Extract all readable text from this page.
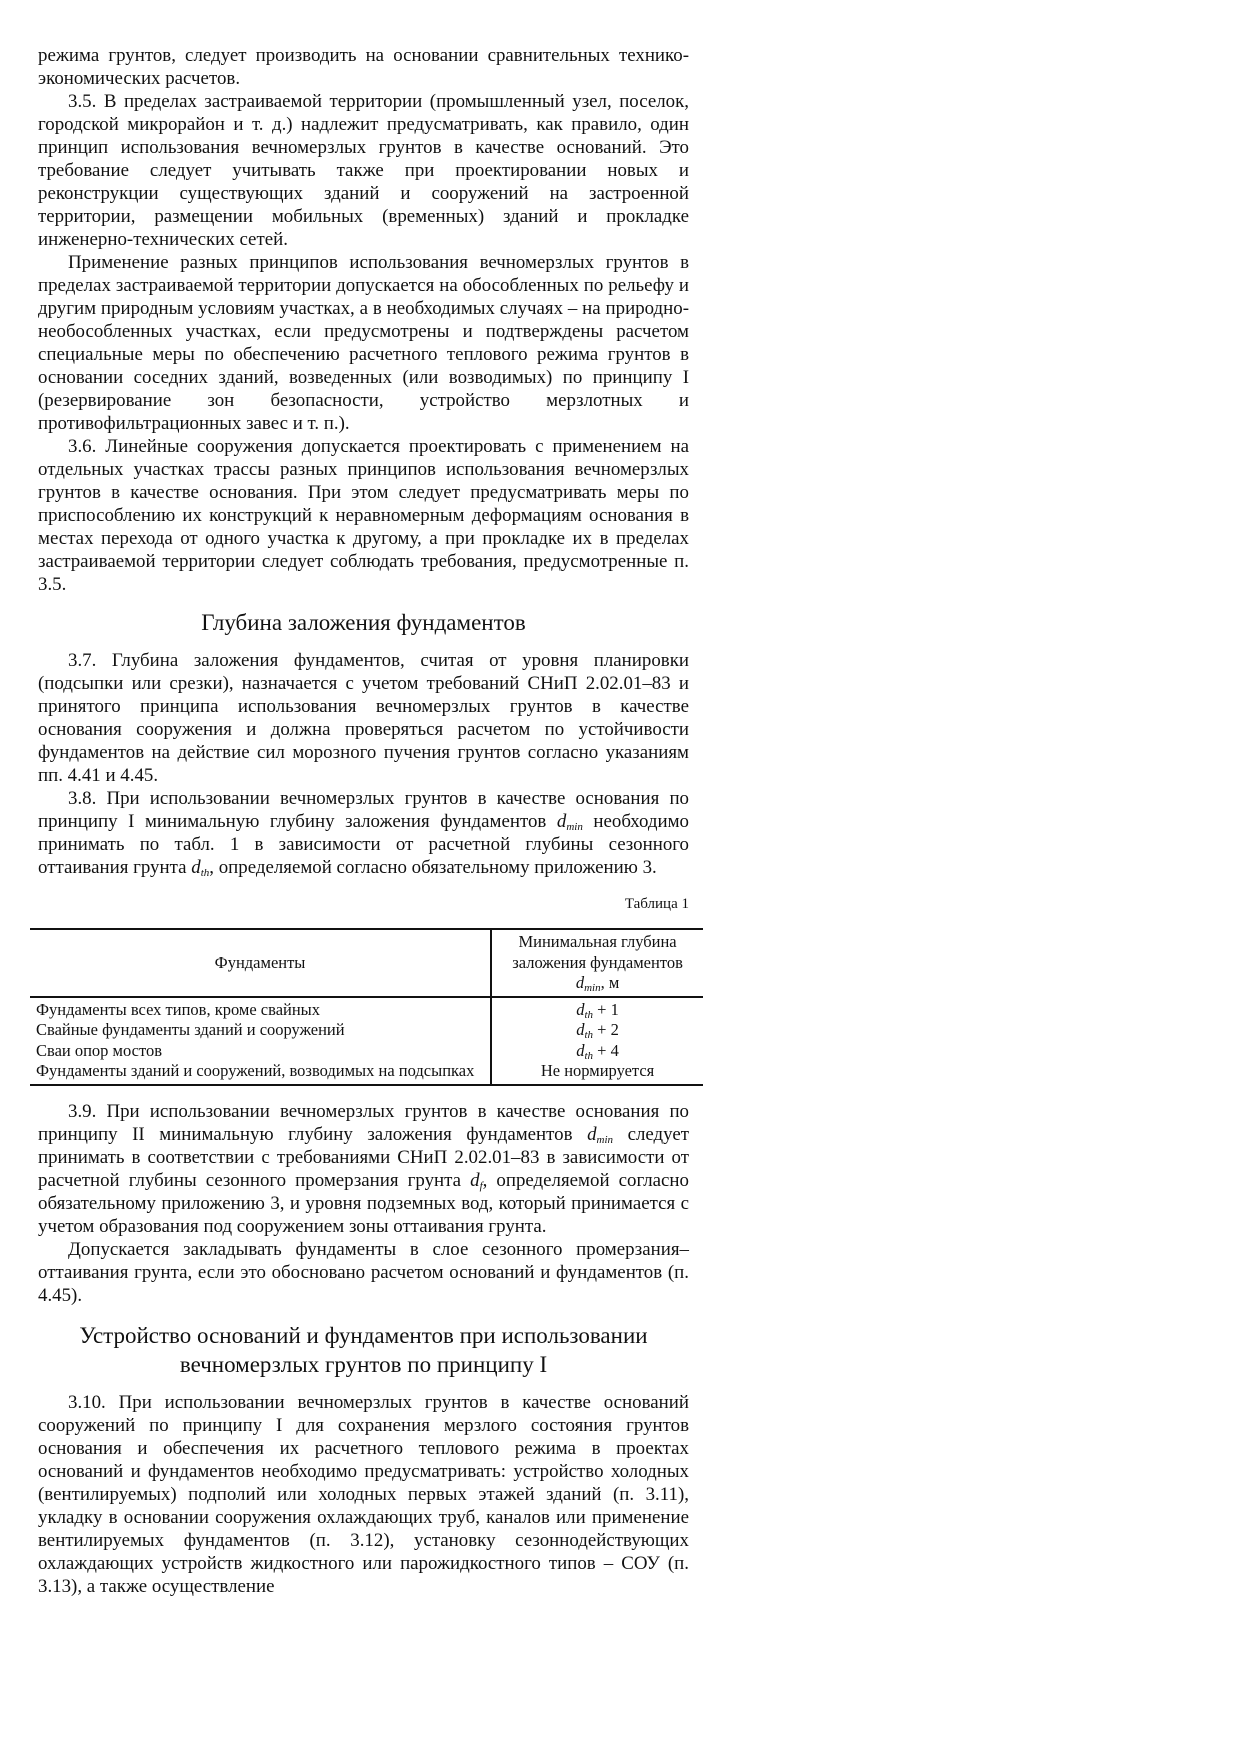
режима грунтов, следует производить на основании сравнительных технико-экономических расчетов.

3.5. В пределах застраиваемой территории (промышленный узел, поселок, городской микрорайон и т. д.) надлежит предусматривать, как правило, один принцип использования вечномерзлых грунтов в качестве оснований. Это требование следует учитывать также при проектировании новых и реконструкции существующих зданий и сооружений на застроенной территории, размещении мобильных (временных) зданий и прокладке инженерно-технических сетей.

Применение разных принципов использования вечномерзлых грунтов в пределах застраиваемой территории допускается на обособленных по рельефу и другим природным условиям участках, а в необходимых случаях – на природно-необособленных участках, если предусмотрены и подтверждены расчетом специальные меры по обеспечению расчетного теплового режима грунтов в основании соседних зданий, возведенных (или возводимых) по принципу I (резервирование зон безопасности, устройство мерзлотных и противофильтрационных завес и т. п.).

3.6. Линейные сооружения допускается проектировать с применением на отдельных участках трассы разных принципов использования вечномерзлых грунтов в качестве основания. При этом следует предусматривать меры по приспособлению их конструкций к неравномерным деформациям основания в местах перехода от одного участка к другому, а при прокладке их в пределах застраиваемой территории следует соблюдать требования, предусмотренные п. 3.5.

Глубина заложения фундаментов

3.7. Глубина заложения фундаментов, считая от уровня планировки (подсыпки или срезки), назначается с учетом требований СНиП 2.02.01–83 и принятого принципа использования вечномерзлых грунтов в качестве основания сооружения и должна проверяться расчетом по устойчивости фундаментов на действие сил морозного пучения грунтов согласно указаниям пп. 4.41 и 4.45.

3.8. При использовании вечномерзлых грунтов в качестве основания по принципу I минимальную глубину заложения фундаментов $d_{min}$ необходимо принимать по табл. 1 в зависимости от расчетной глубины сезонного оттаивания грунта $d_{th}$, определяемой согласно обязательному приложению 3.

Таблица 1
Фундаменты	Минимальная глубина заложения фундаментов $d_{min}$, м
Фундаменты всех типов, кроме свайных	$d_{th} + 1$
Свайные фундаменты зданий и сооружений	$d_{th} + 2$
Сваи опор мостов	$d_{th} + 4$
Фундаменты зданий и сооружений, возводимых на подсыпках	Не нормируется

3.9. При использовании вечномерзлых грунтов в качестве основания по принципу II минимальную глубину заложения фундаментов $d_{min}$ следует принимать в соответствии с требованиями СНиП 2.02.01–83 в зависимости от расчетной глубины сезонного промерзания грунта $d_f$, определяемой согласно обязательному приложению 3, и уровня подземных вод, который принимается с учетом образования под сооружением зоны оттаивания грунта.

Допускается закладывать фундаменты в слое сезонного промерзания–оттаивания грунта, если это обосновано расчетом оснований и фундаментов (п. 4.45).

Устройство оснований и фундаментов при использовании
вечномерзлых грунтов по принципу I

3.10. При использовании вечномерзлых грунтов в качестве оснований сооружений по принципу I для сохранения мерзлого состояния грунтов основания и обеспечения их расчетного теплового режима в проектах оснований и фундаментов необходимо предусматривать: устройство холодных (вентилируемых) подполий или холодных первых этажей зданий (п. 3.11), укладку в основании сооружения охлаждающих труб, каналов или применение вентилируемых фундаментов (п. 3.12), установку сезоннодействующих охлаждающих устройств жидкостного или парожидкостного типов – СОУ (п. 3.13), а также осуществление
